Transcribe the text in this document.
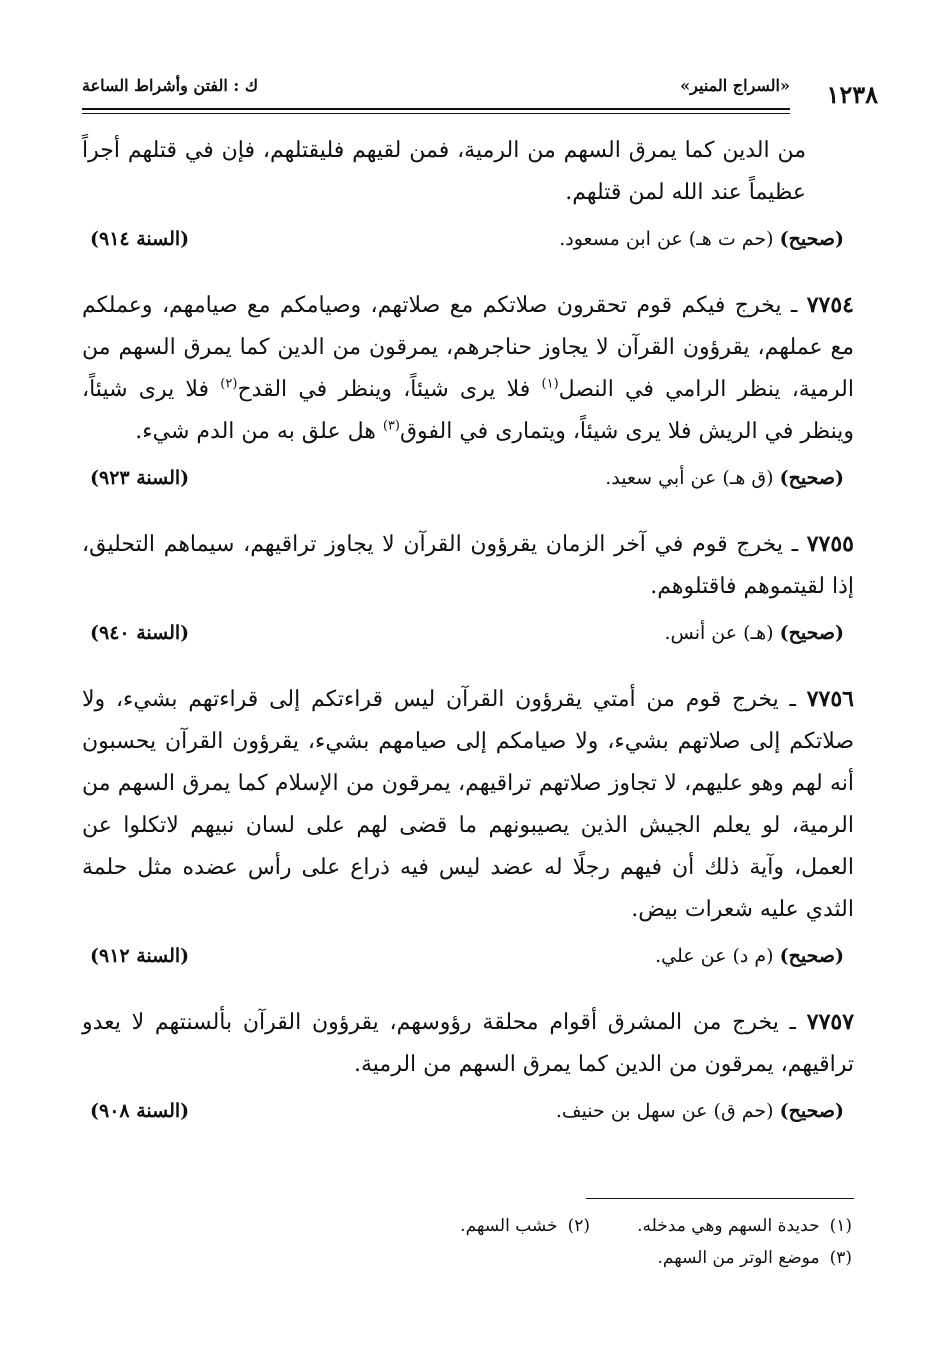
١٢٣٨
«السراج المنير»
ك : الفتن وأشراط الساعة

من الدين كما يمرق السهم من الرمية، فمن لقيهم فليقتلهم، فإن في قتلهم أجراً عظيماً عند الله لمن قتلهم.

(صحيح) (حم ت هـ) عن ابن مسعود.
(السنة ٩١٤)

٧٧٥٤ ـ يخرج فيكم قوم تحقرون صلاتكم مع صلاتهم، وصيامكم مع صيامهم، وعملكم مع عملهم، يقرؤون القرآن لا يجاوز حناجرهم، يمرقون من الدين كما يمرق السهم من الرمية، ينظر الرامي في النصل$^{(١)}$ فلا يرى شيئاً، وينظر في القدح$^{(٢)}$ فلا يرى شيئاً، وينظر في الريش فلا يرى شيئاً، ويتمارى في الفوق$^{(٣)}$ هل علق به من الدم شيء.

(صحيح) (ق هـ) عن أبي سعيد.
(السنة ٩٢٣)

٧٧٥٥ ـ يخرج قوم في آخر الزمان يقرؤون القرآن لا يجاوز تراقيهم، سيماهم التحليق، إذا لقيتموهم فاقتلوهم.

(صحيح) (هـ) عن أنس.
(السنة ٩٤٠)

٧٧٥٦ ـ يخرج قوم من أمتي يقرؤون القرآن ليس قراءتكم إلى قراءتهم بشيء، ولا صلاتكم إلى صلاتهم بشيء، ولا صيامكم إلى صيامهم بشيء، يقرؤون القرآن يحسبون أنه لهم وهو عليهم، لا تجاوز صلاتهم تراقيهم، يمرقون من الإسلام كما يمرق السهم من الرمية، لو يعلم الجيش الذين يصيبونهم ما قضى لهم على لسان نبيهم لاتكلوا عن العمل، وآية ذلك أن فيهم رجلًا له عضد ليس فيه ذراع على رأس عضده مثل حلمة الثدي عليه شعرات بيض.

(صحيح) (م د) عن علي.
(السنة ٩١٢)

٧٧٥٧ ـ يخرج من المشرق أقوام محلقة رؤوسهم، يقرؤون القرآن بألسنتهم لا يعدو تراقيهم، يمرقون من الدين كما يمرق السهم من الرمية.

(صحيح) (حم ق) عن سهل بن حنيف.
(السنة ٩٠٨)
(١)حديدة السهم وهي مدخله.
(٢)خشب السهم.
(٣)موضع الوتر من السهم.
